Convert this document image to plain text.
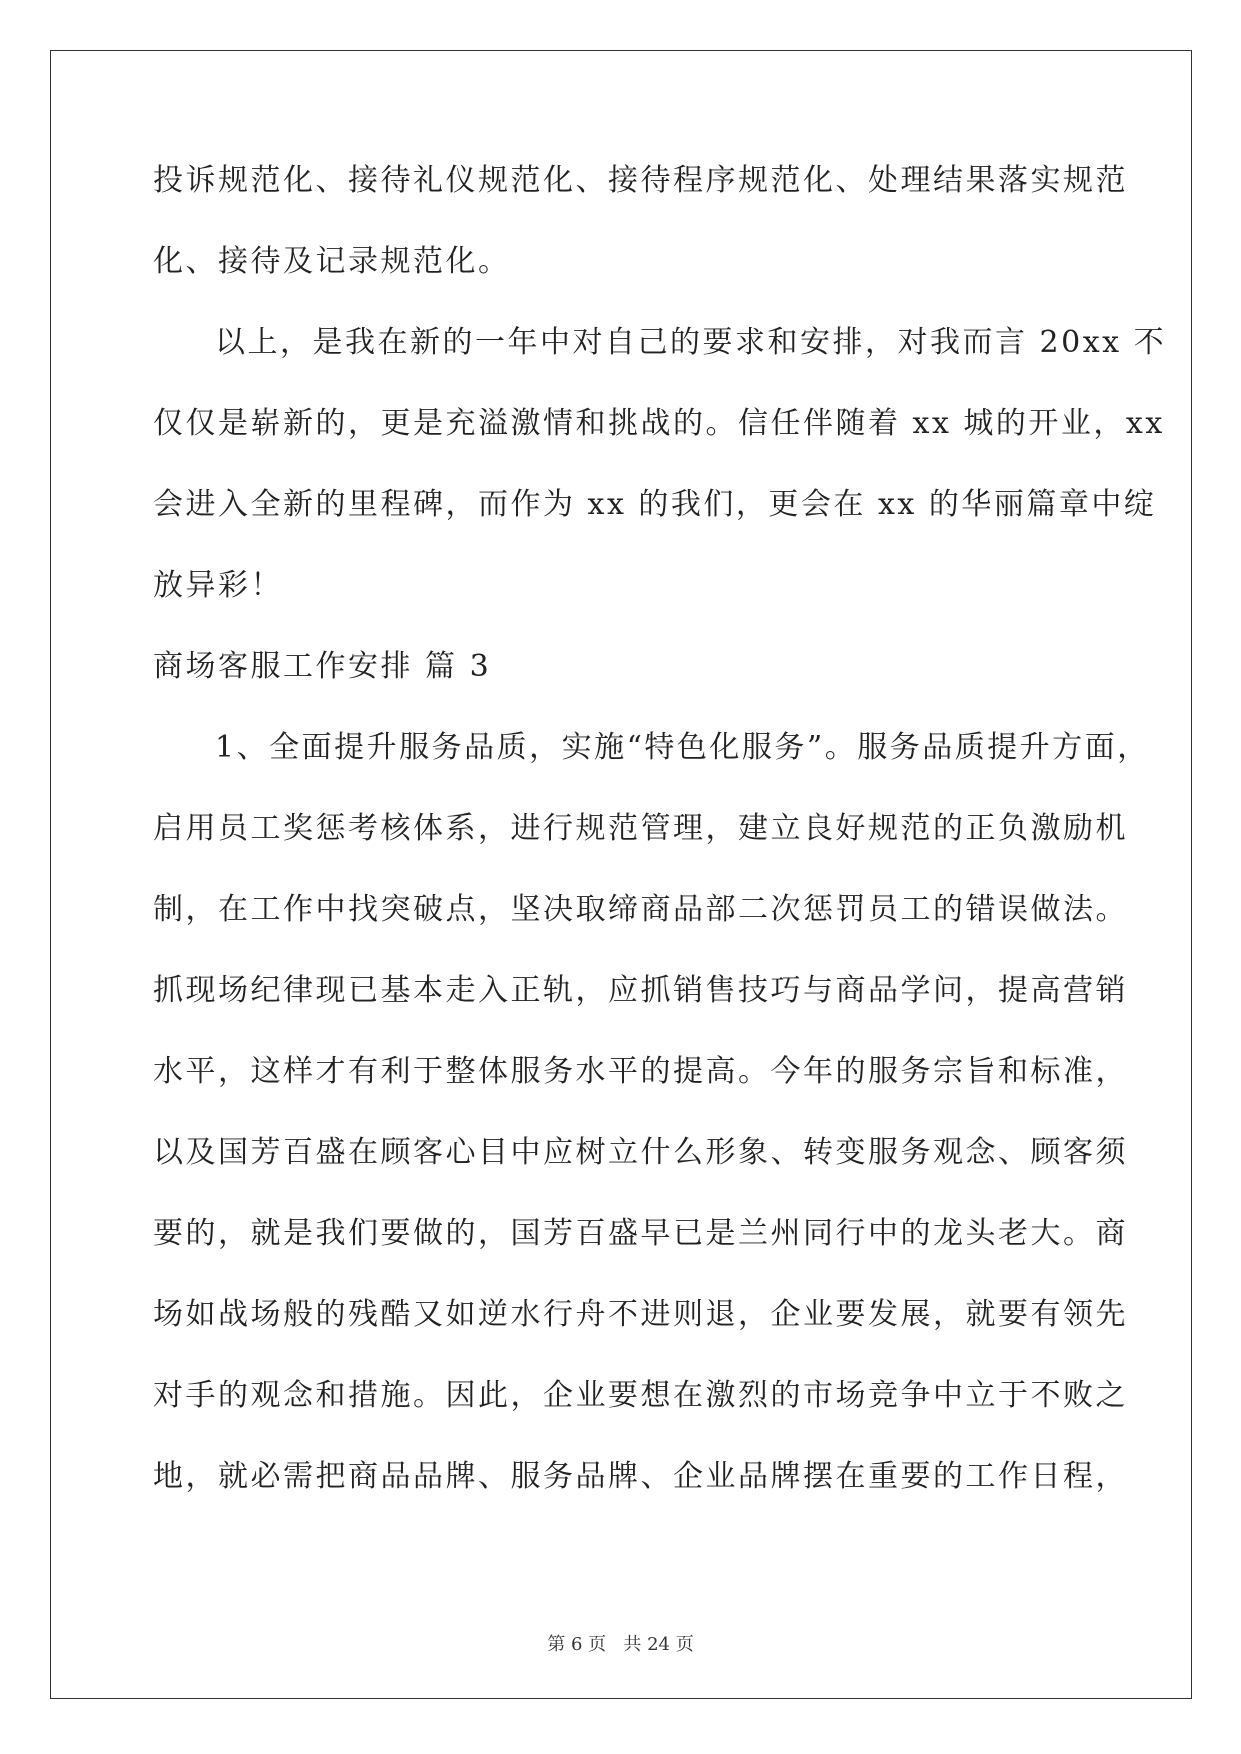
投诉规范化、接待礼仪规范化、接待程序规范化、处理结果落实规范
化、接待及记录规范化。
以上，是我在新的一年中对自己的要求和安排，对我而言 20xx 不
仅仅是崭新的，更是充溢激情和挑战的。信任伴随着 xx 城的开业，xx
会进入全新的里程碑，而作为 xx 的我们，更会在 xx 的华丽篇章中绽
放异彩！
商场客服工作安排 篇 3
1、全面提升服务品质，实施“特色化服务”。服务品质提升方面，
启用员工奖惩考核体系，进行规范管理，建立良好规范的正负激励机
制，在工作中找突破点，坚决取缔商品部二次惩罚员工的错误做法。
抓现场纪律现已基本走入正轨，应抓销售技巧与商品学问，提高营销
水平，这样才有利于整体服务水平的提高。今年的服务宗旨和标准，
以及国芳百盛在顾客心目中应树立什么形象、转变服务观念、顾客须
要的，就是我们要做的，国芳百盛早已是兰州同行中的龙头老大。商
场如战场般的残酷又如逆水行舟不进则退，企业要发展，就要有领先
对手的观念和措施。因此，企业要想在激烈的市场竞争中立于不败之
地，就必需把商品品牌、服务品牌、企业品牌摆在重要的工作日程，
第 6 页   共 24 页
